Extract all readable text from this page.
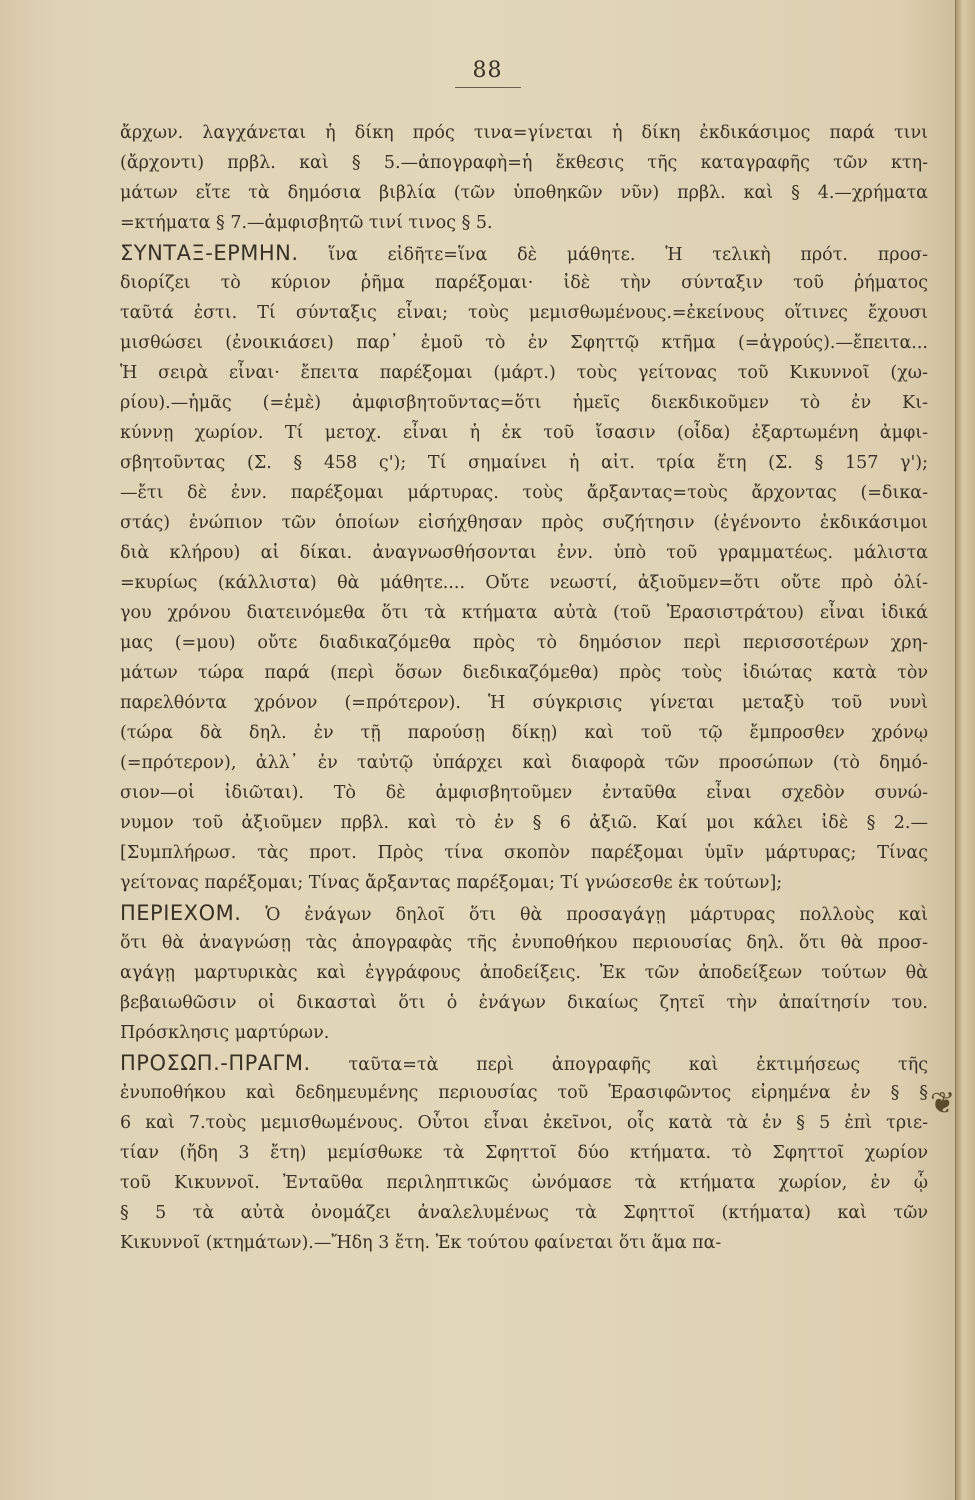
❦
88
ἄρχων. λαγχάνεται ἡ δίκη πρός τινα=γίνεται ἡ δίκη ἐκδικάσιμος παρά τινι
(ἄρχοντι) πρβλ. καὶ § 5.—ἀπογραφὴ=ἡ ἔκθεσις τῆς καταγραφῆς τῶν κτη-
μάτων εἴτε τὰ δημόσια βιβλία (τῶν ὑποθηκῶν νῦν) πρβλ. καὶ § 4.—χρήματα
=κτήματα § 7.—ἀμφισβητῶ τινί τινος § 5.
ΣΥΝΤΑΞ-ΕΡΜΗΝ. ἵνα εἰδῆτε=ἵνα δὲ μάθητε. Ἡ τελικὴ πρότ. προσ-
διορίζει τὸ κύριον ῥῆμα παρέξομαι· ἰδὲ τὴν σύνταξιν τοῦ ῥήματος
ταῦτά ἐστι. Τί σύνταξις εἶναι; τοὺς μεμισθωμένους.=ἐκείνους οἵτινες ἔχουσι
μισθώσει (ἐνοικιάσει) παρ᾽ ἐμοῦ τὸ ἐν Σφηττῷ κτῆμα (=ἀγρούς).—ἔπειτα...
Ἡ σειρὰ εἶναι· ἔπειτα παρέξομαι (μάρτ.) τοὺς γείτονας τοῦ Κικυννοῖ (χω-
ρίου).—ἡμᾶς (=ἐμὲ) ἀμφισβητοῦντας=ὅτι ἡμεῖς διεκδικοῦμεν τὸ ἐν Κι-
κύννῃ χωρίον. Τί μετοχ. εἶναι ἡ ἐκ τοῦ ἴσασιν (οἶδα) ἐξαρτωμένη ἀμφι-
σβητοῦντας (Σ. § 458 ς'); Τί σημαίνει ἡ αἰτ. τρία ἔτη (Σ. § 157 γ');
—ἔτι δὲ ἐνν. παρέξομαι μάρτυρας. τοὺς ἄρξαντας=τοὺς ἄρχοντας (=δικα-
στάς) ἐνώπιον τῶν ὁποίων εἰσήχθησαν πρὸς συζήτησιν (ἐγένοντο ἐκδικάσιμοι
διὰ κλήρου) αἱ δίκαι. ἀναγνωσθήσονται ἐνν. ὑπὸ τοῦ γραμματέως. μάλιστα
=κυρίως (κάλλιστα) θὰ μάθητε.... Οὔτε νεωστί, ἀξιοῦμεν=ὅτι οὔτε πρὸ ὀλί-
γου χρόνου διατεινόμεθα ὅτι τὰ κτήματα αὐτὰ (τοῦ Ἐρασιστράτου) εἶναι ἰδικά
μας (=μου) οὔτε διαδικαζόμεθα πρὸς τὸ δημόσιον περὶ περισσοτέρων χρη-
μάτων τώρα παρά (περὶ ὅσων διεδικαζόμεθα) πρὸς τοὺς ἰδιώτας κατὰ τὸν
παρελθόντα χρόνον (=πρότερον). Ἡ σύγκρισις γίνεται μεταξὺ τοῦ νυνὶ
(τώρα δὰ δηλ. ἐν τῇ παρούσῃ δίκῃ) καὶ τοῦ τῷ ἔμπροσθεν χρόνῳ
(=πρότερον), ἀλλ᾽ ἐν ταὐτῷ ὑπάρχει καὶ διαφορὰ τῶν προσώπων (τὸ δημό-
σιον—οἱ ἰδιῶται). Τὸ δὲ ἀμφισβητοῦμεν ἐνταῦθα εἶναι σχεδὸν συνώ-
νυμον τοῦ ἀξιοῦμεν πρβλ. καὶ τὸ ἐν § 6 ἀξιῶ. Καί μοι κάλει ἰδὲ § 2.—
[Συμπλήρωσ. τὰς προτ. Πρὸς τίνα σκοπὸν παρέξομαι ὑμῖν μάρτυρας; Τίνας
γείτονας παρέξομαι; Τίνας ἄρξαντας παρέξομαι; Τί γνώσεσθε ἐκ τούτων];
ΠΕΡΙΕΧΟΜ. Ὁ ἐνάγων δηλοῖ ὅτι θὰ προσαγάγῃ μάρτυρας πολλοὺς καὶ
ὅτι θὰ ἀναγνώσῃ τὰς ἀπογραφὰς τῆς ἐνυποθήκου περιουσίας δηλ. ὅτι θὰ προσ-
αγάγῃ μαρτυρικὰς καὶ ἐγγράφους ἀποδείξεις. Ἐκ τῶν ἀποδείξεων τούτων θὰ
βεβαιωθῶσιν οἱ δικασταὶ ὅτι ὁ ἐνάγων δικαίως ζητεῖ τὴν ἀπαίτησίν του.
Πρόσκλησις μαρτύρων.
ΠΡΟΣΩΠ.-ΠΡΑΓΜ. ταῦτα=τὰ περὶ ἀπογραφῆς καὶ ἐκτιμήσεως τῆς
ἐνυποθήκου καὶ δεδημευμένης περιουσίας τοῦ Ἐρασιφῶντος εἰρημένα ἐν § §
6 καὶ 7.τοὺς μεμισθωμένους. Οὗτοι εἶναι ἐκεῖνοι, οἷς κατὰ τὰ ἐν § 5 ἐπὶ τριε-
τίαν (ἤδη 3 ἔτη) μεμίσθωκε τὰ Σφηττοῖ δύο κτήματα. τὸ Σφηττοῖ χωρίον
τοῦ Κικυννοῖ. Ἐνταῦθα περιληπτικῶς ὠνόμασε τὰ κτήματα χωρίον, ἐν ᾧ
§ 5 τὰ αὐτὰ ὀνομάζει ἀναλελυμένως τὰ Σφηττοῖ (κτήματα) καὶ τῶν
Κικυννοῖ (κτημάτων).—Ἤδη 3 ἔτη. Ἐκ τούτου φαίνεται ὅτι ἅμα πα-
